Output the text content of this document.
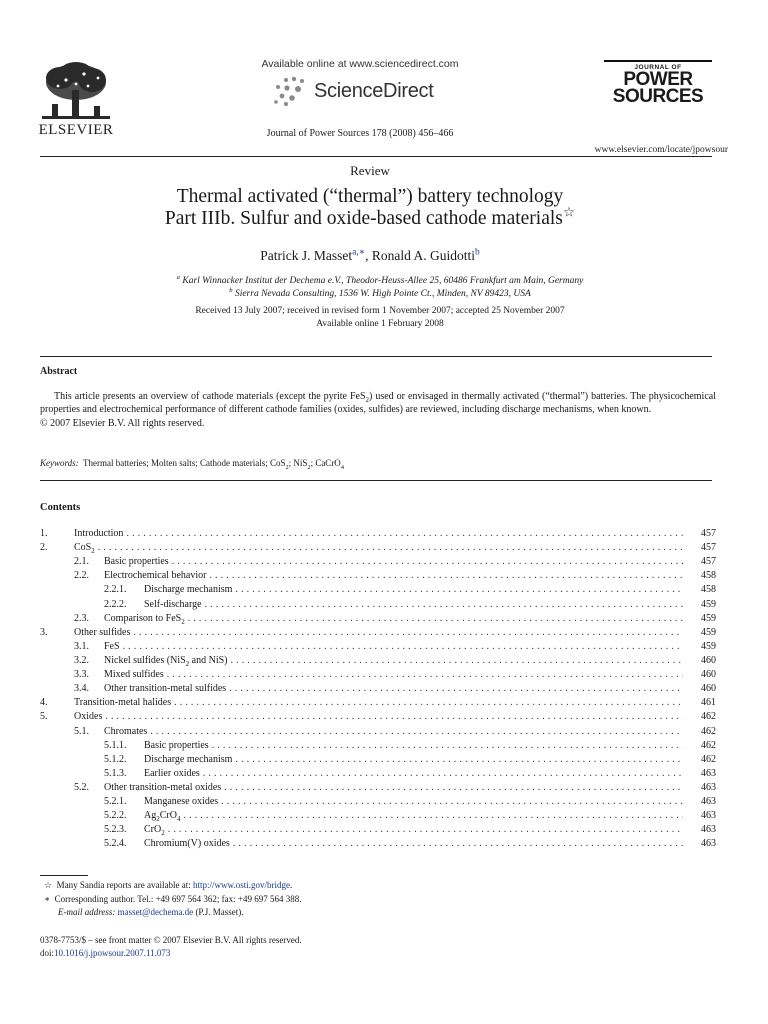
ELSEVIER
Available online at www.sciencedirect.com
ScienceDirect
Journal of Power Sources 178 (2008) 456–466
JOURNAL OF
POWER
SOURCES
www.elsevier.com/locate/jpowsour
Review
Thermal activated (“thermal”) battery technology
Part IIIb. Sulfur and oxide-based cathode materials☆
Patrick J. Masset$^{a,∗}$, Ronald A. Guidotti$^b$
$^a$ Karl Winnacker Institut der Dechema e.V., Theodor-Heuss-Allee 25, 60486 Frankfurt am Main, Germany
$^b$ Sierra Nevada Consulting, 1536 W. High Pointe Ct., Minden, NV 89423, USA
Received 13 July 2007; received in revised form 1 November 2007; accepted 25 November 2007
Available online 1 February 2008
Abstract

This article presents an overview of cathode materials (except the pyrite FeS$_2$) used or envisaged in thermally activated (“thermal”) batteries. The physicochemical properties and electrochemical performance of different cathode families (oxides, sulfides) are reviewed, including discharge mechanisms, when known.

© 2007 Elsevier B.V. All rights reserved.

Keywords: Thermal batteries; Molten salts; Cathode materials; CoS$_2$; NiS$_2$; CaCrO$_4$
Contents
1.	Introduction . . .	457
2.	CoS$_2$ . . .	457
2.1.	Basic properties . . .	457
2.2.	Electrochemical behavior . . .	458
2.2.1.	Discharge mechanism . . .	458
2.2.2.	Self-discharge . . .	459
2.3.	Comparison to FeS$_2$ . . .	459
3.	Other sulfides . . .	459
3.1.	FeS . . .	459
3.2.	Nickel sulfides (NiS$_2$ and NiS) . . .	460
3.3.	Mixed sulfides . . .	460
3.4.	Other transition-metal sulfides . . .	460
4.	Transition-metal halides . . .	461
5.	Oxides . . .	462
5.1.	Chromates . . .	462
5.1.1.	Basic properties . . .	462
5.1.2.	Discharge mechanism . . .	462
5.1.3.	Earlier oxides . . .	463
5.2.	Other transition-metal oxides . . .	463
5.2.1.	Manganese oxides . . .	463
5.2.2.	$Ag_2CrO_4$ . . .	463
5.2.3.	CrO$_2$ . . .	463
5.2.4.	Chromium(V) oxides . . .	463
☆ Many Sandia reports are available at: http://www.osti.gov/bridge.
∗ Corresponding author. Tel.: +49 697 564 362; fax: +49 697 564 388.
E-mail address: masset@dechema.de (P.J. Masset).
0378-7753/$ – see front matter © 2007 Elsevier B.V. All rights reserved.
doi:10.1016/j.jpowsour.2007.11.073
